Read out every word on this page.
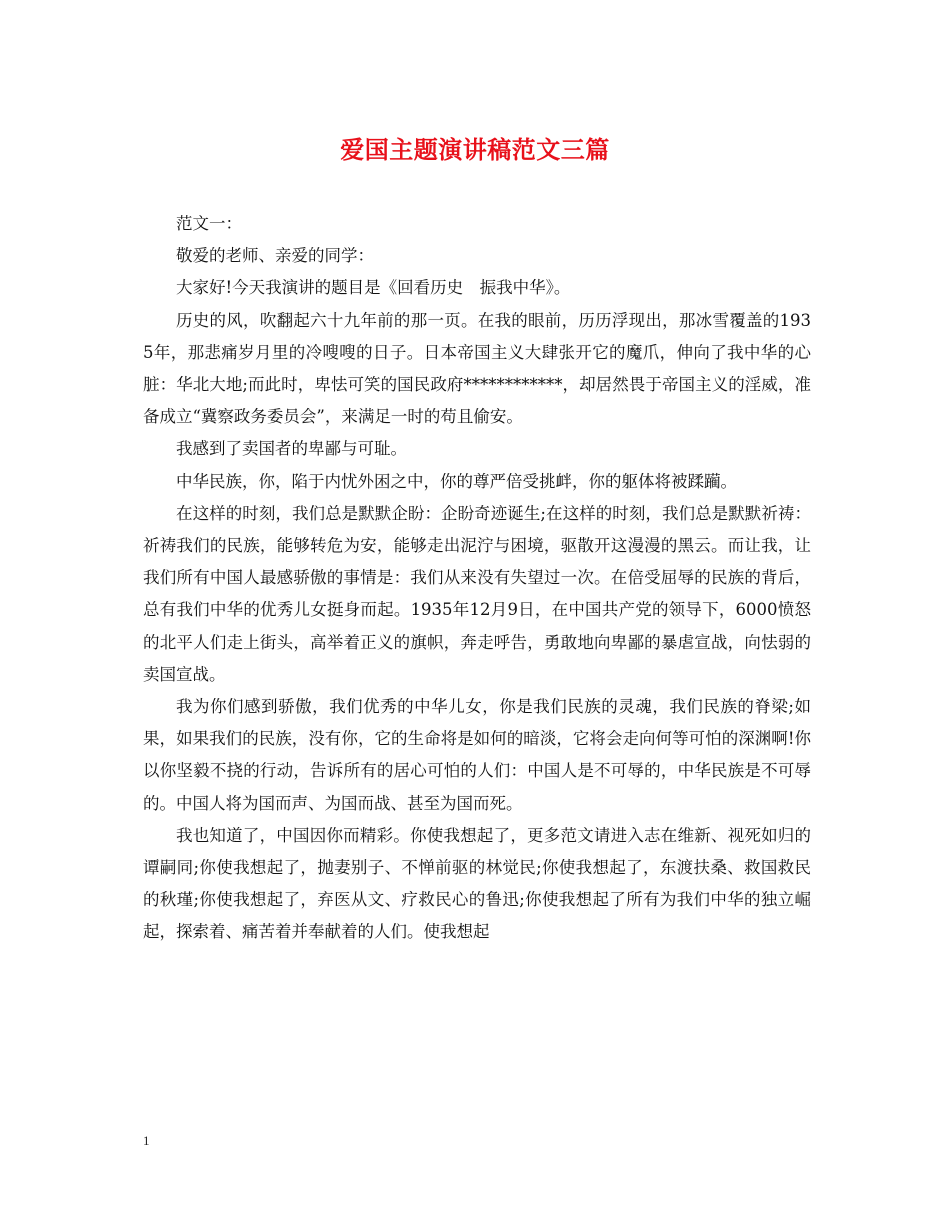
爱国主题演讲稿范文三篇

范文一：

敬爱的老师、亲爱的同学：

大家好!今天我演讲的题目是《回看历史　振我中华》。

历史的风，吹翻起六十九年前的那一页。在我的眼前，历历浮现出，那冰雪覆盖的1935年，那悲痛岁月里的冷嗖嗖的日子。日本帝国主义大肆张开它的魔爪，伸向了我中华的心脏：华北大地;而此时，卑怯可笑的国民政府************，却居然畏于帝国主义的淫威，准备成立“冀察政务委员会”，来满足一时的苟且偷安。

我感到了卖国者的卑鄙与可耻。

中华民族，你，陷于内忧外困之中，你的尊严倍受挑衅，你的躯体将被蹂躏。

在这样的时刻，我们总是默默企盼：企盼奇迹诞生;在这样的时刻，我们总是默默祈祷：祈祷我们的民族，能够转危为安，能够走出泥泞与困境，驱散开这漫漫的黑云。而让我，让我们所有中国人最感骄傲的事情是：我们从来没有失望过一次。在倍受屈辱的民族的背后，总有我们中华的优秀儿女挺身而起。1935年12月9日，在中国共产党的领导下，6000愤怒的北平人们走上街头，高举着正义的旗帜，奔走呼告，勇敢地向卑鄙的暴虐宣战，向怯弱的卖国宣战。

我为你们感到骄傲，我们优秀的中华儿女，你是我们民族的灵魂，我们民族的脊梁;如果，如果我们的民族，没有你，它的生命将是如何的暗淡，它将会走向何等可怕的深渊啊!你以你坚毅不挠的行动，告诉所有的居心可怕的人们：中国人是不可辱的，中华民族是不可辱的。中国人将为国而声、为国而战、甚至为国而死。

我也知道了，中国因你而精彩。你使我想起了，更多范文请进入志在维新、视死如归的谭嗣同;你使我想起了，抛妻别子、不惮前驱的林觉民;你使我想起了，东渡扶桑、救国救民的秋瑾;你使我想起了，弃医从文、疗救民心的鲁迅;你使我想起了所有为我们中华的独立崛起，探索着、痛苦着并奉献着的人们。使我想起

1
